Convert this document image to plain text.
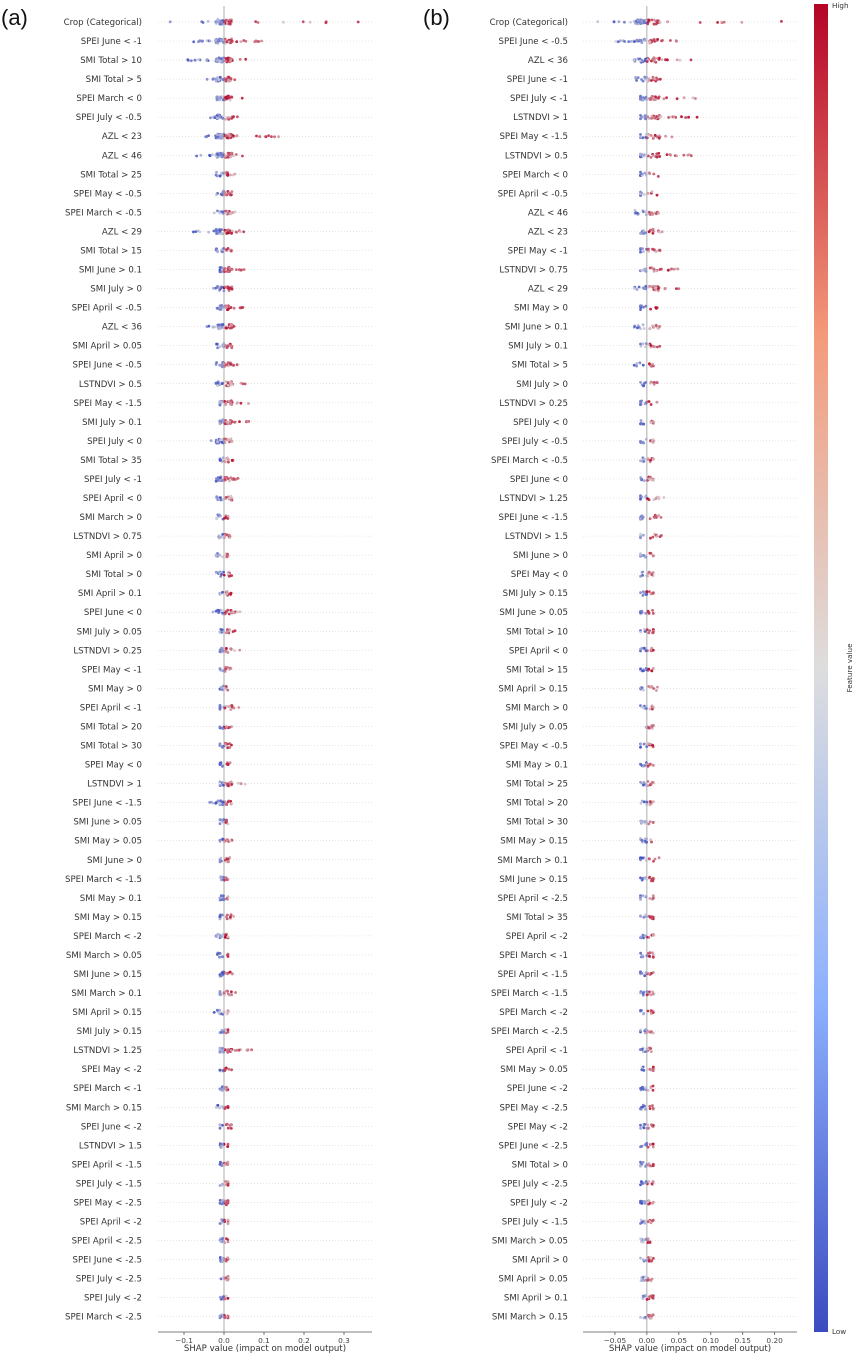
(a)	Crop (Categorical)
SPEI June < -1
SMI Total > 10
SMI Total > 5
SPEI March < 0
SPEI July < -0.5
AZL < 23
AZL < 46
SMI Total > 25
SPEI May < -0.5
SPEI March < -0.5
AZL < 29
SMI Total > 15
SMI June > 0.1
SMI July > 0
SPEI April < -0.5
AZL < 36
SMI April > 0.05
SPEI June < -0.5
LSTNDVI > 0.5
SPEI May < -1.5
SMI July > 0.1
SPEI July < 0
SMI Total > 35
SPEI July < -1
SPEI April < 0
SMI March > 0
LSTNDVI > 0.75
SMI April > 0
SMI Total > 0
SMI April > 0.1
SPEI June < 0
SMI July > 0.05
LSTNDVI > 0.25
SPEI May < -1
SMI May > 0
SPEI April < -1
SMI Total > 20
SMI Total > 30
SPEI May < 0
LSTNDVI > 1
SPEI June < -1.5
SMI June > 0.05
SMI May > 0.05
SMI June > 0
SPEI March < -1.5
SMI May > 0.1
SMI May > 0.15
SPEI March < -2
SMI March > 0.05
SMI June > 0.15
SMI March > 0.1
SMI April > 0.15
SMI July > 0.15
LSTNDVI > 1.25
SPEI May < -2
SPEI March < -1
SMI March > 0.15
SPEI June < -2
LSTNDVI > 1.5
SPEI April < -1.5
SPEI July < -1.5
SPEI May < -2.5
SPEI April < -2
SPEI April < -2.5
SPEI June < -2.5
SPEI July < -2.5
SPEI July < -2
SPEI March < -2.5
−0.1	0.0	0.1	0.2	0.3
SHAP value (impact on model output)
(b)	Crop (Categorical)
SPEI June < -0.5
AZL < 36
SPEI June < -1
SPEI July < -1
LSTNDVI > 1
SPEI May < -1.5
LSTNDVI > 0.5
SPEI March < 0
SPEI April < -0.5
AZL < 46
AZL < 23
SPEI May < -1
LSTNDVI > 0.75
AZL < 29
SMI May > 0
SMI June > 0.1
SMI July > 0.1
SMI Total > 5
SMI July > 0
LSTNDVI > 0.25
SPEI July < 0
SPEI July < -0.5
SPEI March < -0.5
SPEI June < 0
LSTNDVI > 1.25
SPEI June < -1.5
LSTNDVI > 1.5
SMI June > 0
SPEI May < 0
SMI July > 0.15
SMI June > 0.05
SMI Total > 10
SPEI April < 0
SMI Total > 15
SMI April > 0.15
SMI March > 0
SMI July > 0.05
SPEI May < -0.5
SMI May > 0.1
SMI Total > 25
SMI Total > 20
SMI Total > 30
SMI May > 0.15
SMI March > 0.1
SMI June > 0.15
SPEI April < -2.5
SMI Total > 35
SPEI April < -2
SPEI March < -1
SPEI April < -1.5
SPEI March < -1.5
SPEI March < -2
SPEI March < -2.5
SPEI April < -1
SMI May > 0.05
SPEI June < -2
SPEI May < -2.5
SPEI May < -2
SPEI June < -2.5
SMI Total > 0
SPEI July < -2.5
SPEI July < -2
SPEI July < -1.5
SMI March > 0.05
SMI April > 0
SMI April > 0.05
SMI April > 0.1
SMI March > 0.15
−0.05 0.00 0.05 0.10 0.15 0.20
SHAP value (impact on model output)
High
Low
Feature value
